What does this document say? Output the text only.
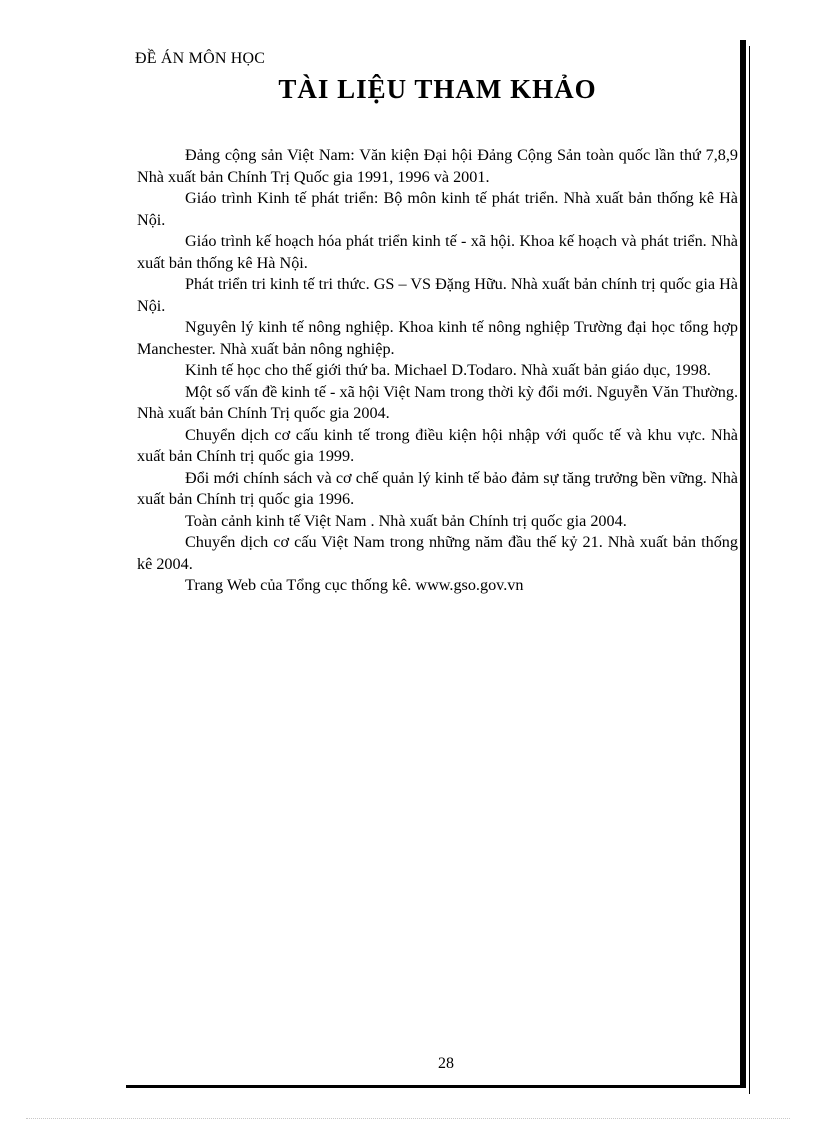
ĐỀ ÁN MÔN HỌC
TÀI LIỆU THAM KHẢO

Đảng cộng sản Việt Nam: Văn kiện Đại hội Đảng Cộng Sản toàn quốc lần thứ 7,8,9 Nhà xuất bản Chính Trị Quốc gia 1991, 1996 và 2001.

Giáo trình Kinh tế phát triển: Bộ môn kinh tế phát triển. Nhà xuất bản thống kê Hà Nội.

Giáo trình kế hoạch hóa phát triển kinh tế - xã hội. Khoa kế hoạch và phát triển. Nhà xuất bản thống kê Hà Nội.

Phát triển tri kinh tế tri thức. GS – VS Đặng Hữu. Nhà xuất bản chính trị quốc gia Hà Nội.

Nguyên lý kinh tế nông nghiệp. Khoa kinh tế nông nghiệp Trường đại học tổng hợp Manchester. Nhà xuất bản nông nghiệp.

Kinh tế học cho thế giới thứ ba. Michael D.Todaro. Nhà xuất bản giáo dục, 1998.

Một số vấn đề kinh tế - xã hội Việt Nam trong thời kỳ đổi mới. Nguyễn Văn Thường. Nhà xuất bản Chính Trị quốc gia 2004.

Chuyển dịch cơ cấu kinh tế trong điều kiện hội nhập với quốc tế và khu vực. Nhà xuất bản Chính trị quốc gia 1999.

Đổi mới chính sách và cơ chế quản lý kinh tế bảo đảm sự tăng trưởng bền vững. Nhà xuất bản Chính trị quốc gia 1996.

Toàn cảnh kinh tế Việt Nam . Nhà xuất bản Chính trị quốc gia 2004.

Chuyển dịch cơ cấu Việt Nam trong những năm đầu thế kỷ 21. Nhà xuất bản thống kê 2004.

Trang Web của Tổng cục thống kê. www.gso.gov.vn

28
